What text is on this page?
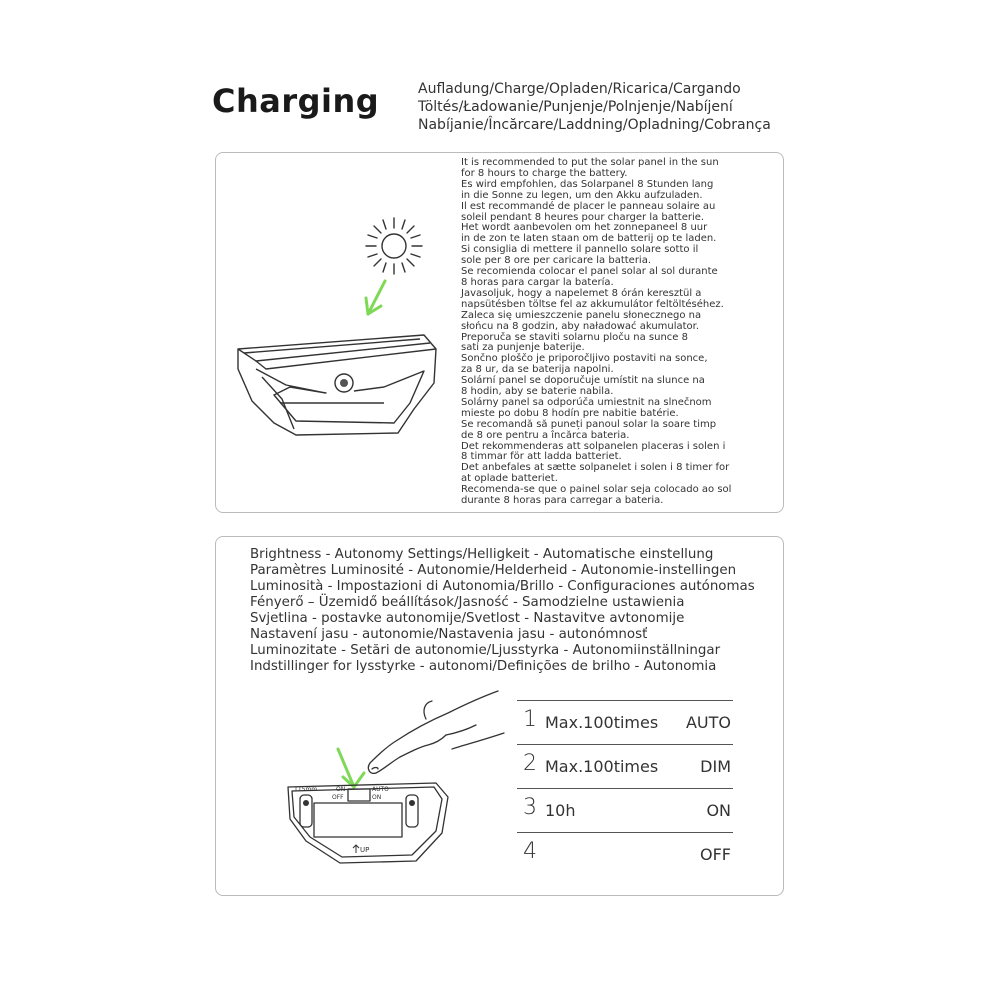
Charging	Aufladung/Charge/Opladen/Ricarica/Cargando
Töltés/Ładowanie/Punjenje/Polnjenje/Nabíjení
Nabíjanie/Încărcare/Laddning/Opladning/Cobrança
It is recommended to put the solar panel in the sun
for 8 hours to charge the battery.
Es wird empfohlen, das Solarpanel 8 Stunden lang
in die Sonne zu legen, um den Akku aufzuladen.
Il est recommandé de placer le panneau solaire au
soleil pendant 8 heures pour charger la batterie.
Het wordt aanbevolen om het zonnepaneel 8 uur
in de zon te laten staan om de batterij op te laden.
Si consiglia di mettere il pannello solare sotto il
sole per 8 ore per caricare la batteria.
Se recomienda colocar el panel solar al sol durante
8 horas para cargar la batería.
Javasoljuk, hogy a napelemet 8 órán keresztül a
napsütésben töltse fel az akkumulátor feltöltéséhez.
Zaleca się umieszczenie panelu słonecznego na
słońcu na 8 godzin, aby naładować akumulator.
Preporuča se staviti solarnu ploču na sunce 8
sati za punjenje baterije.
Sončno ploščo je priporočljivo postaviti na sonce,
za 8 ur, da se baterija napolni.
Solární panel se doporučuje umístit na slunce na
8 hodin, aby se baterie nabila.
Solárny panel sa odporúča umiestnit na slnečnom
mieste po dobu 8 hodín pre nabitie batérie.
Se recomandă să puneți panoul solar la soare timp
de 8 ore pentru a încărca bateria.
Det rekommenderas att solpanelen placeras i solen i
8 timmar för att ladda batteriet.
Det anbefales at sætte solpanelet i solen i 8 timer for
at oplade batteriet.
Recomenda-se que o painel solar seja colocado ao sol
durante 8 horas para carregar a bateria.
Brightness - Autonomy Settings/Helligkeit - Automatische einstellung
Paramètres Luminosité - Autonomie/Helderheid - Autonomie-instellingen
Luminosità - Impostazioni di Autonomia/Brillo - Configuraciones autónomas
Fényerő – Üzemidő beállítások/Jasność - Samodzielne ustawienia
Svjetlina - postavke autonomije/Svetlost - Nastavitve avtonomije
Nastavení jasu - autonomie/Nastavenia jasu - autonómnosť
Luminozitate - Setări de autonomie/Ljusstyrka - Autonomiinställningar
Indstillinger for lysstyrke - autonomi/Definições de brilho - Autonomia
115mm	ON
OFF
AUTO
ON
UP
1 Max.100times AUTO
2 Max.100times	DIM
3 10h	ON
4	OFF
